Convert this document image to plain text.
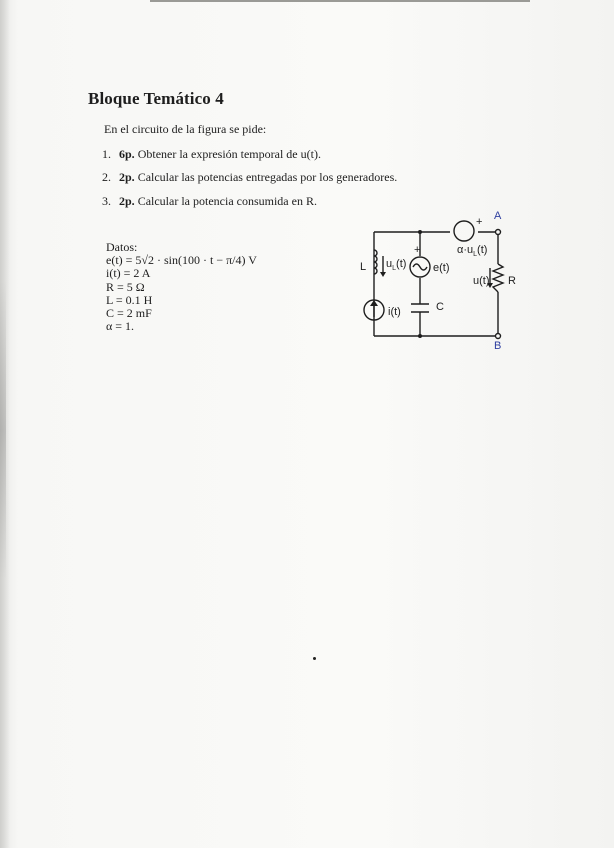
Bloque Temático 4
En el circuito de la figura se pide:
1. 6p. Obtener la expresión temporal de u(t).
2. 2p. Calcular las potencias entregadas por los generadores.
3. 2p. Calcular la potencia consumida en R.
Datos:
e(t) = 5√2 · sin(100 · t − π/4) V
i(t) = 2 A
R = 5 Ω
L = 0.1 H
C = 2 mF
α = 1.
L $u_L(t)$
+
e(t)
i(t)	C
+
$\alpha\cdot u_L(t)$
u(t) R
A
B
